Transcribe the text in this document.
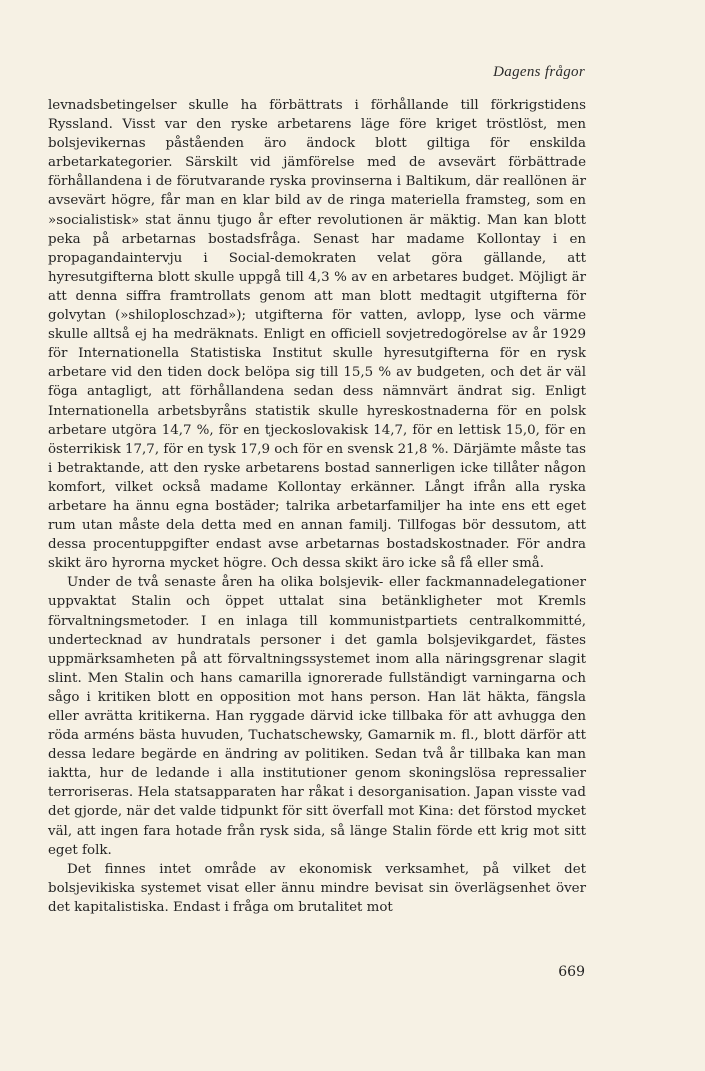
Dagens frågor

levnadsbetingelser skulle ha förbättrats i förhållande till förkrigstidens Ryssland. Visst var den ryske arbetarens läge före kriget tröstlöst, men bolsjevikernas påståenden äro ändock blott giltiga för enskilda arbetarkategorier. Särskilt vid jämförelse med de avsevärt förbättrade förhållandena i de förutvarande ryska provinserna i Baltikum, där reallönen är avsevärt högre, får man en klar bild av de ringa materiella framsteg, som en »socialistisk» stat ännu tjugo år efter revolutionen är mäktig. Man kan blott peka på arbetarnas bostadsfråga. Senast har madame Kollontay i en propagandaintervju i Social-demokraten velat göra gällande, att hyresutgifterna blott skulle uppgå till 4,3 % av en arbetares budget. Möjligt är att denna siffra framtrollats genom att man blott medtagit utgifterna för golvytan (»shiloploschzad»); utgifterna för vatten, avlopp, lyse och värme skulle alltså ej ha medräknats. Enligt en officiell sovjetredogörelse av år 1929 för Internationella Statistiska Institut skulle hyresutgifterna för en rysk arbetare vid den tiden dock belöpa sig till 15,5 % av budgeten, och det är väl föga antagligt, att förhållandena sedan dess nämnvärt ändrat sig. Enligt Internationella arbetsbyråns statistik skulle hyreskostnaderna för en polsk arbetare utgöra 14,7 %, för en tjeckoslovakisk 14,7, för en lettisk 15,0, för en österrikisk 17,7, för en tysk 17,9 och för en svensk 21,8 %. Därjämte måste tas i betraktande, att den ryske arbetarens bostad sannerligen icke tillåter någon komfort, vilket också madame Kollontay erkänner. Långt ifrån alla ryska arbetare ha ännu egna bostäder; talrika arbetarfamiljer ha inte ens ett eget rum utan måste dela detta med en annan familj. Tillfogas bör dessutom, att dessa procentuppgifter endast avse arbetarnas bostadskostnader. För andra skikt äro hyrorna mycket högre. Och dessa skikt äro icke så få eller små.

Under de två senaste åren ha olika bolsjevik- eller fackmannadelegationer uppvaktat Stalin och öppet uttalat sina betänkligheter mot Kremls förvaltningsmetoder. I en inlaga till kommunistpartiets centralkommitté, undertecknad av hundratals personer i det gamla bolsjevikgardet, fästes uppmärksamheten på att förvaltningssystemet inom alla näringsgrenar slagit slint. Men Stalin och hans camarilla ignorerade fullständigt varningarna och sågo i kritiken blott en opposition mot hans person. Han lät häkta, fängsla eller avrätta kritikerna. Han ryggade därvid icke tillbaka för att avhugga den röda arméns bästa huvuden, Tuchatschewsky, Gamarnik m. fl., blott därför att dessa ledare begärde en ändring av politiken. Sedan två år tillbaka kan man iaktta, hur de ledande i alla institutioner genom skoningslösa repressalier terroriseras. Hela statsapparaten har råkat i desorganisation. Japan visste vad det gjorde, när det valde tidpunkt för sitt överfall mot Kina: det förstod mycket väl, att ingen fara hotade från rysk sida, så länge Stalin förde ett krig mot sitt eget folk.

Det finnes intet område av ekonomisk verksamhet, på vilket det bolsjevikiska systemet visat eller ännu mindre bevisat sin överlägsenhet över det kapitalistiska. Endast i fråga om brutalitet mot

669
